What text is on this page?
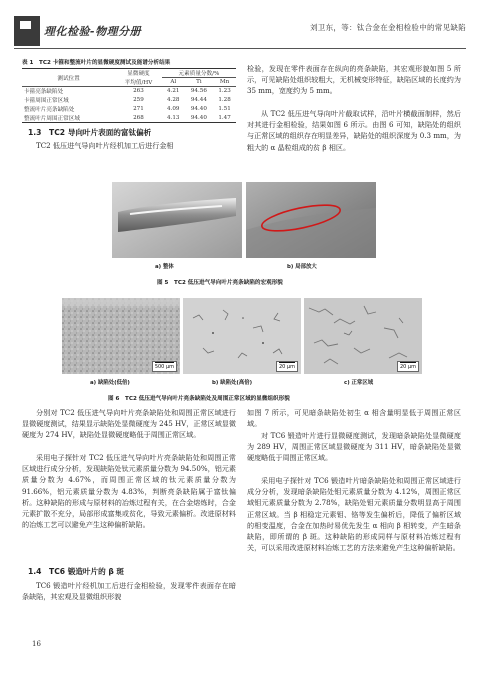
理化检验-物理分册	刘卫东，等：钛合金在金相检验中的常见缺陷
表 1　TC2 卡箍和整流叶片的显微硬度测试及能谱分析结果
测试位置	显微硬度	元素质量分数/%		
	平均值/HV	Al	Ti	Mn
卡箍亮条缺陷处	263	4.21	94.56	1.23
卡箍周围正常区域	259	4.28	94.44	1.28
整流叶片亮条缺陷处	271	4.09	94.40	1.51
整流叶片周围正常区域	268	4.13	94.40	1.47
1.3　TC2 导向叶片表面的富钛偏析
TC2 低压进气导向叶片经机加工后进行金相
检验，发现在零件表面存在纵向的亮条缺陷，其宏观形貌如图 5 所示，可见缺陷处组织较粗大，无机械变形特征，缺陷区域的长度约为 35 mm，宽度约为 5 mm。
从 TC2 低压进气导向叶片截取试样，沿叶片横截面制样，然后对其进行金相检验，结果如图 6 所示。由图 6 可知，缺陷处的组织与正常区域的组织存在明显差异，缺陷处的组织深度为 0.3 mm，为粗大的 α 晶粒组成的贫 β 相区。
a) 整体	b) 局部放大
图 5　TC2 低压进气导向叶片亮条缺陷的宏观形貌
500 μm	20 μm	20 μm
a) 缺陷处(低倍)	b) 缺陷处(高倍)	c) 正常区域
图 6　TC2 低压进气导向叶片亮条缺陷处及周围正常区域的显微组织形貌
分别对 TC2 低压进气导向叶片亮条缺陷处和周围正常区域进行显微硬度测试，结果显示缺陷处显微硬度为 245 HV，正常区域显微硬度为 274 HV，缺陷处显微硬度略低于周围正常区域。
采用电子探针对 TC2 低压进气导向叶片亮条缺陷处和周围正常区域进行成分分析，发现缺陷处钛元素质量分数为 94.50%，铝元素质量分数为 4.67%，而周围正常区域的钛元素质量分数为 91.66%，铝元素质量分数为 4.83%，判断亮条缺陷属于富钛偏析。这种缺陷的形成与原材料的冶炼过程有关，在合金熔炼时，合金元素扩散不充分，局部形成富集或贫化，导致元素偏析。改进原材料的冶炼工艺可以避免产生这种偏析缺陷。
1.4　TC6 锻造叶片的 β 斑
TC6 锻造叶片经机加工后进行金相检验，发现零件表面存在暗条缺陷，其宏观及显微组织形貌
如图 7 所示，可见暗条缺陷处初生 α 相含量明显低于周围正常区域。
对 TC6 锻造叶片进行显微硬度测试，发现暗条缺陷处显微硬度为 289 HV，周围正常区域显微硬度为 311 HV，暗条缺陷处显微硬度略低于周围正常区域。
采用电子探针对 TC6 锻造叶片暗条缺陷处和周围正常区域进行成分分析，发现暗条缺陷处钼元素质量分数为 4.12%，周围正常区域钼元素质量分数为 2.78%，缺陷处钼元素质量分数明显高于周围正常区域。当 β 相稳定元素钼、铬等发生偏析后，降低了偏析区域的相变温度，合金在加热时易优先发生 α 相向 β 相转变，产生暗条缺陷，即所谓的 β 斑。这种缺陷的形成同样与原材料冶炼过程有关，可以采用改进原材料冶炼工艺的方法来避免产生这种偏析缺陷。
16
